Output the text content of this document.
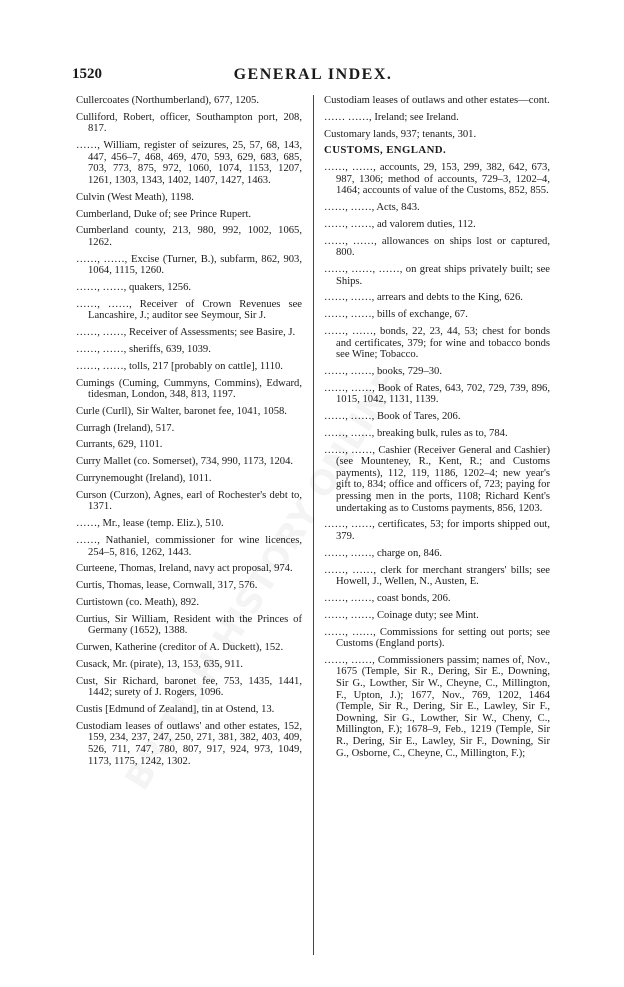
1520	GENERAL INDEX.

Cullercoates (Northumberland), 677, 1205.

Culliford, Robert, officer, Southampton port, 208, 817.

……, William, register of seizures, 25, 57, 68, 143, 447, 456–7, 468, 469, 470, 593, 629, 683, 685, 703, 773, 875, 972, 1060, 1074, 1153, 1207, 1261, 1303, 1343, 1402, 1407, 1427, 1463.

Culvin (West Meath), 1198.

Cumberland, Duke of; see Prince Rupert.

Cumberland county, 213, 980, 992, 1002, 1065, 1262.

……, ……, Excise (Turner, B.), subfarm, 862, 903, 1064, 1115, 1260.

……, ……, quakers, 1256.

……, ……, Receiver of Crown Revenues see Lancashire, J.; auditor see Seymour, Sir J.

……, ……, Receiver of Assessments; see Basire, J.

……, ……, sheriffs, 639, 1039.

……, ……, tolls, 217 [probably on cattle], 1110.

Cumings (Cuming, Cummyns, Commins), Edward, tidesman, London, 348, 813, 1197.

Curle (Curll), Sir Walter, baronet fee, 1041, 1058.

Curragh (Ireland), 517.

Currants, 629, 1101.

Curry Mallet (co. Somerset), 734, 990, 1173, 1204.

Currynemought (Ireland), 1011.

Curson (Curzon), Agnes, earl of Rochester's debt to, 1371.

……, Mr., lease (temp. Eliz.), 510.

……, Nathaniel, commissioner for wine licences, 254–5, 816, 1262, 1443.

Curteene, Thomas, Ireland, navy act proposal, 974.

Curtis, Thomas, lease, Cornwall, 317, 576.

Curtistown (co. Meath), 892.

Curtius, Sir William, Resident with the Princes of Germany (1652), 1388.

Curwen, Katherine (creditor of A. Duckett), 152.

Cusack, Mr. (pirate), 13, 153, 635, 911.

Cust, Sir Richard, baronet fee, 753, 1435, 1441, 1442; surety of J. Rogers, 1096.

Custis [Edmund of Zealand], tin at Ostend, 13.

Custodiam leases of outlaws' and other estates, 152, 159, 234, 237, 247, 250, 271, 381, 382, 403, 409, 526, 711, 747, 780, 807, 917, 924, 973, 1049, 1173, 1175, 1242, 1302.

Custodiam leases of outlaws and other estates—cont.

…… ……, Ireland; see Ireland.

Customary lands, 937; tenants, 301.

CUSTOMS, ENGLAND.

……, ……, accounts, 29, 153, 299, 382, 642, 673, 987, 1306; method of accounts, 729–3, 1202–4, 1464; accounts of value of the Customs, 852, 855.

……, ……, Acts, 843.

……, ……, ad valorem duties, 112.

……, ……, allowances on ships lost or captured, 800.

……, ……, ……, on great ships privately built; see Ships.

……, ……, arrears and debts to the King, 626.

……, ……, bills of exchange, 67.

……, ……, bonds, 22, 23, 44, 53; chest for bonds and certificates, 379; for wine and tobacco bonds see Wine; Tobacco.

……, ……, books, 729–30.

……, ……, Book of Rates, 643, 702, 729, 739, 896, 1015, 1042, 1131, 1139.

……, ……, Book of Tares, 206.

……, ……, breaking bulk, rules as to, 784.

……, ……, Cashier (Receiver General and Cashier) (see Mounteney, R., Kent, R.; and Customs payments), 112, 119, 1186, 1202–4; new year's gift to, 834; office and officers of, 723; paying for pressing men in the ports, 1108; Richard Kent's undertaking as to Customs payments, 856, 1203.

……, ……, certificates, 53; for imports shipped out, 379.

……, ……, charge on, 846.

……, ……, clerk for merchant strangers' bills; see Howell, J., Wellen, N., Austen, E.

……, ……, coast bonds, 206.

……, ……, Coinage duty; see Mint.

……, ……, Commissions for setting out ports; see Customs (England ports).

……, ……, Commissioners passim; names of, Nov., 1675 (Temple, Sir R., Dering, Sir E., Downing, Sir G., Lowther, Sir W., Cheyne, C., Millington, F., Upton, J.); 1677, Nov., 769, 1202, 1464 (Temple, Sir R., Dering, Sir E., Lawley, Sir F., Downing, Sir G., Lowther, Sir W., Cheny, C., Millington, F.); 1678–9, Feb., 1219 (Temple, Sir R., Dering, Sir E., Lawley, Sir F., Downing, Sir G., Osborne, C., Cheyne, C., Millington, F.);
